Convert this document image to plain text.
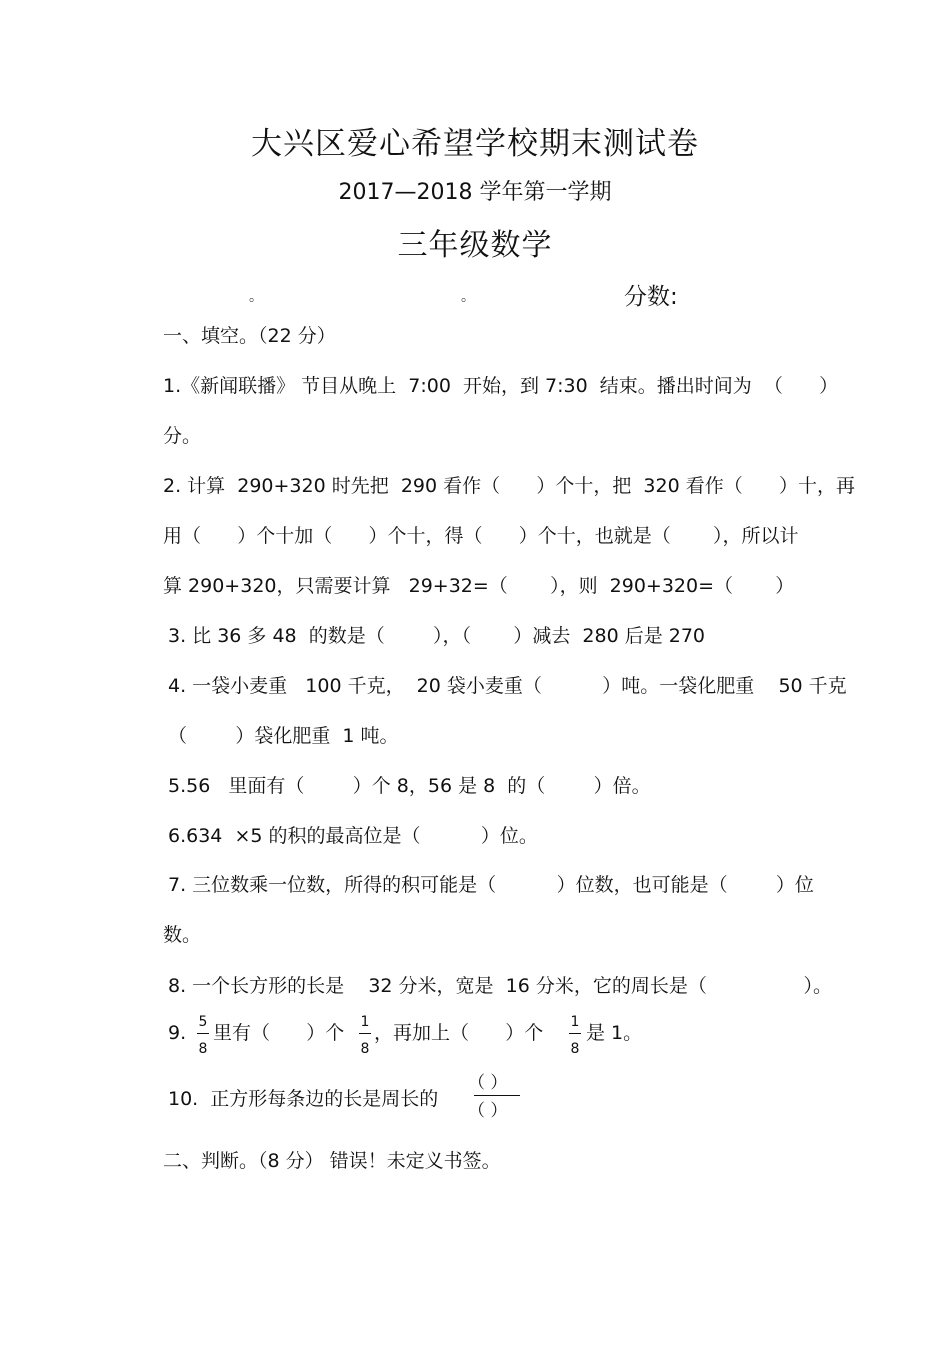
大兴区爱心希望学校期末测试卷
2017—2018 学年第一学期
三年级数学
。	。	分数:
一、填空。（22 分）
1.《新闻联播》 节目从晚上  7:00  开始，到 7:30  结束。播出时间为  （      ）
分。
2. 计算  290+320 时先把  290 看作（      ）个十，把  320 看作（      ）十，再
用（      ）个十加（      ）个十，得（      ）个十，也就是（       ），所以计
算 290+320，只需要计算   29+32=（       ），则  290+320=（       ）
3. 比 36 多 48  的数是（        ），（       ）减去  280 后是 270
4. 一袋小麦重   100 千克，  20 袋小麦重（          ）吨。一袋化肥重    50 千克
（        ）袋化肥重  1 吨。
5.56   里面有（        ）个 8，56 是 8  的（        ）倍。
6.634  ×5 的积的最高位是（          ）位。
7. 三位数乘一位数，所得的积可能是（          ）位数，也可能是（        ）位
数。
8. 一个长方形的长是    32 分米，宽是  16 分米，它的周长是（                ）。
9. 5
8
里有（      ）个 1
8
，再加上（      ）个 1
8
是 1。
10.  正方形每条边的长是周长的
（ ）
（ ）
二、判断。（8 分） 错误！未定义书签。
